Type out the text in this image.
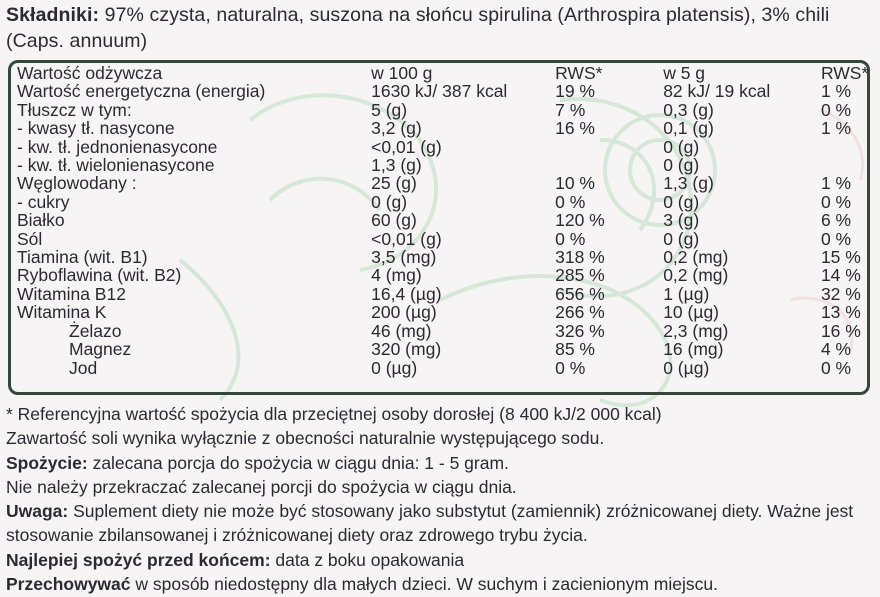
Składniki: 97% czysta, naturalna, suszona na słońcu spirulina (Arthrospira platensis), 3% chili (Caps. annuum)
Wartość odżywcza	w 100 g	RWS*	w 5 g	RWS*
Wartość energetyczna (energia)	1630 kJ/ 387 kcal	19 %	82 kJ/ 19 kcal	1 %
Tłuszcz w tym:	5 (g)	7 %	0,3 (g)	0 %
- kwasy tł. nasycone	3,2 (g)	16 %	0,1 (g)	1 %
- kw. tł. jednonienasycone	<0,01 (g)		0 (g)	
- kw. tł. wielonienasycone	1,3 (g)		0 (g)	
Węglowodany :	25 (g)	10 %	1,3 (g)	1 %
- cukry	0 (g)	0 %	0 (g)	0 %
Białko	60 (g)	120 %	3 (g)	6 %
Sól	<0,01 (g)	0 %	0 (g)	0 %
Tiamina (wit. B1)	3,5 (mg)	318 %	0,2 (mg)	15 %
Ryboflawina (wit. B2)	4 (mg)	285 %	0,2 (mg)	14 %
Witamina B12	16,4 (µg)	656 %	1 (µg)	32 %
Witamina K	200 (µg)	266 %	10 (µg)	13 %
Żelazo	46 (mg)	326 %	2,3 (mg)	16 %
Magnez	320 (mg)	85 %	16 (mg)	4 %
Jod	0 (µg)	0 %	0 (µg)	0 %

* Referencyjna wartość spożycia dla przeciętnej osoby dorosłej (8 400 kJ/2 000 kcal)

Zawartość soli wynika wyłącznie z obecności naturalnie występującego sodu.

Spożycie: zalecana porcja do spożycia w ciągu dnia: 1 - 5 gram.

Nie należy przekraczać zalecanej porcji do spożycia w ciągu dnia.

Uwaga: Suplement diety nie może być stosowany jako substytut (zamiennik) zróżnicowanej diety. Ważne jest stosowanie zbilansowanej i zróżnicowanej diety oraz zdrowego trybu życia.

Najlepiej spożyć przed końcem: data z boku opakowania

Przechowywać w sposób niedostępny dla małych dzieci. W suchym i zacienionym miejscu.
